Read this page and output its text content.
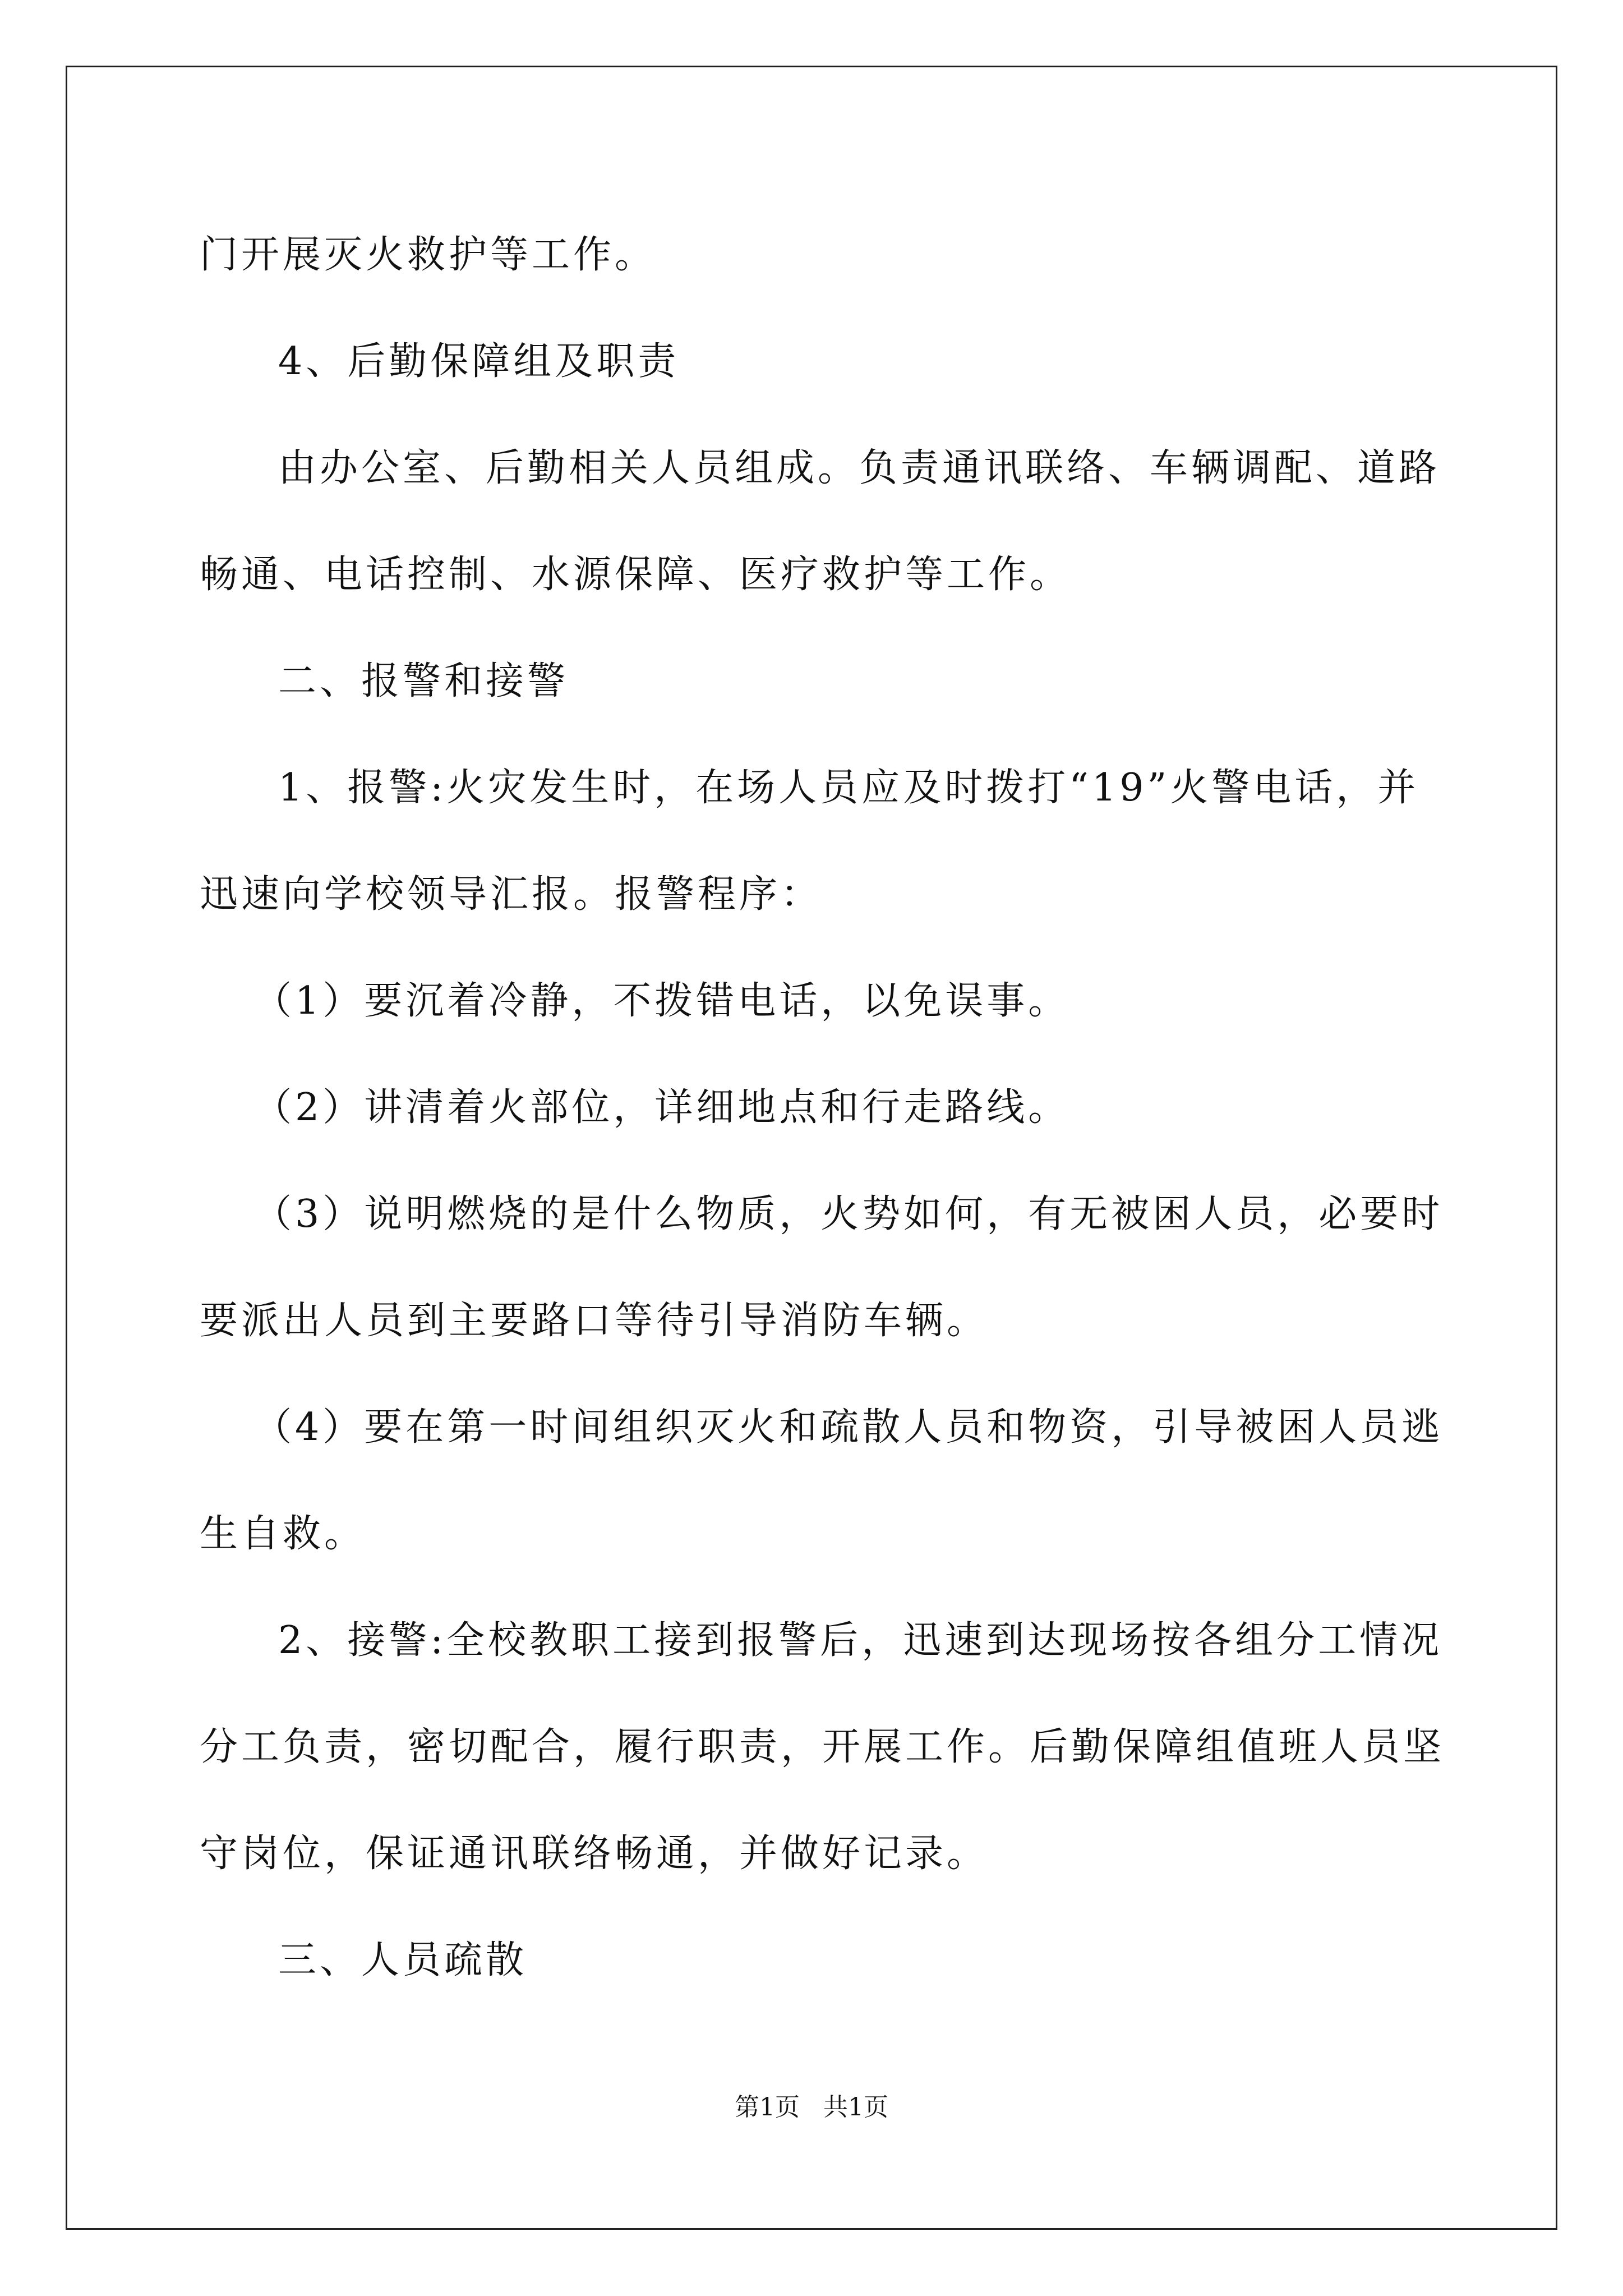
门开展灭火救护等工作。

4、后勤保障组及职责

由办公室、后勤相关人员组成。负责通讯联络、车辆调配、道路

畅通、电话控制、水源保障、医疗救护等工作。

二、报警和接警

1、报警:火灾发生时，在场人员应及时拨打“19”火警电话，并

迅速向学校领导汇报。报警程序：

（1）要沉着冷静，不拨错电话，以免误事。

（2）讲清着火部位，详细地点和行走路线。

（3）说明燃烧的是什么物质，火势如何，有无被困人员，必要时

要派出人员到主要路口等待引导消防车辆。

（4）要在第一时间组织灭火和疏散人员和物资，引导被困人员逃

生自救。

2、接警:全校教职工接到报警后，迅速到达现场按各组分工情况

分工负责，密切配合，履行职责，开展工作。后勤保障组值班人员坚

守岗位，保证通讯联络畅通，并做好记录。

三、人员疏散

第1页   共1页
